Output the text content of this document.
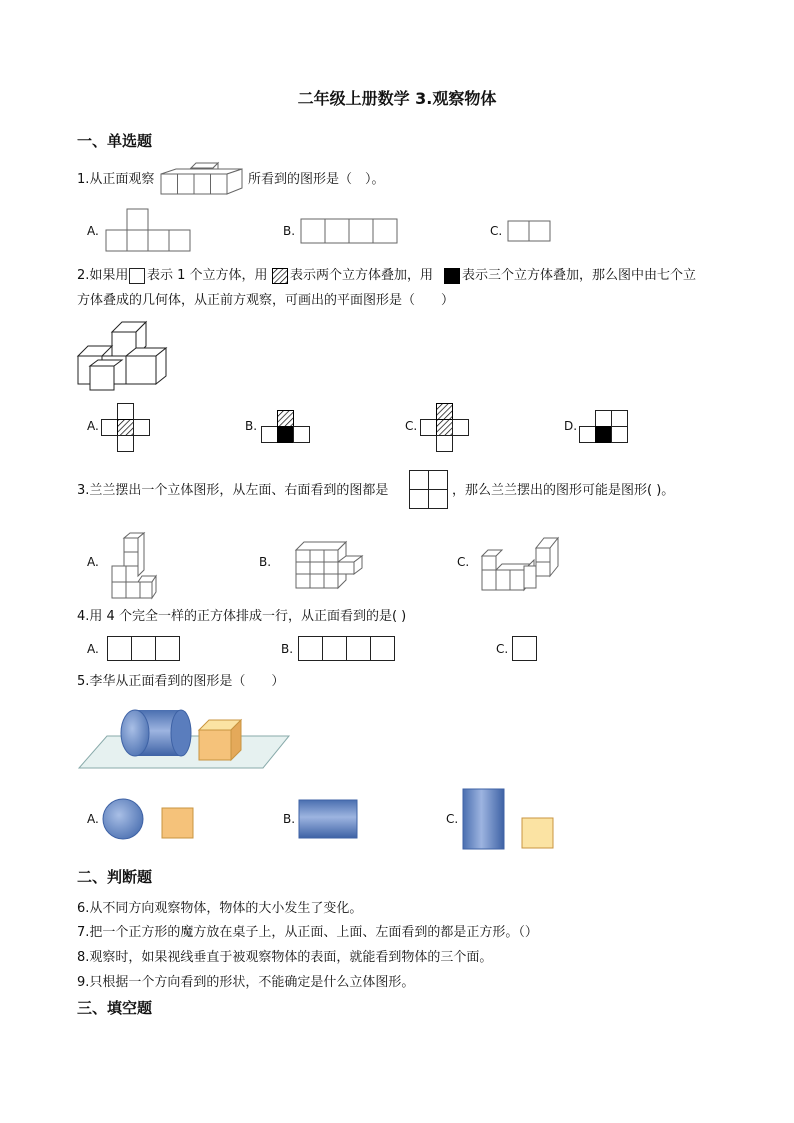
二年级上册数学 3.观察物体
一、单选题
1.从正面观察	所看到的图形是（　）。
A.	B.	C.
2.如果用 表示 1 个立方体，用 表示两个立方体叠加，用 表示三个立方体叠加，那么图中由七个立
方体叠成的几何体，从正前方观察，可画出的平面图形是（　　）
A.	B.	C.	D.
3.兰兰摆出一个立体图形，从左面、右面看到的图都是	，那么兰兰摆出的图形可能是图形( )。
A.	B.	C.
4.用 4 个完全一样的正方体排成一行，从正面看到的是( )
A.	B.	C.
5.李华从正面看到的图形是（　　）
A.	B.	C.
二、判断题
6.从不同方向观察物体，物体的大小发生了变化。
7.把一个正方形的魔方放在桌子上，从正面、上面、左面看到的都是正方形。（）
8.观察时，如果视线垂直于被观察物体的表面，就能看到物体的三个面。
9.只根据一个方向看到的形状，不能确定是什么立体图形。
三、填空题
